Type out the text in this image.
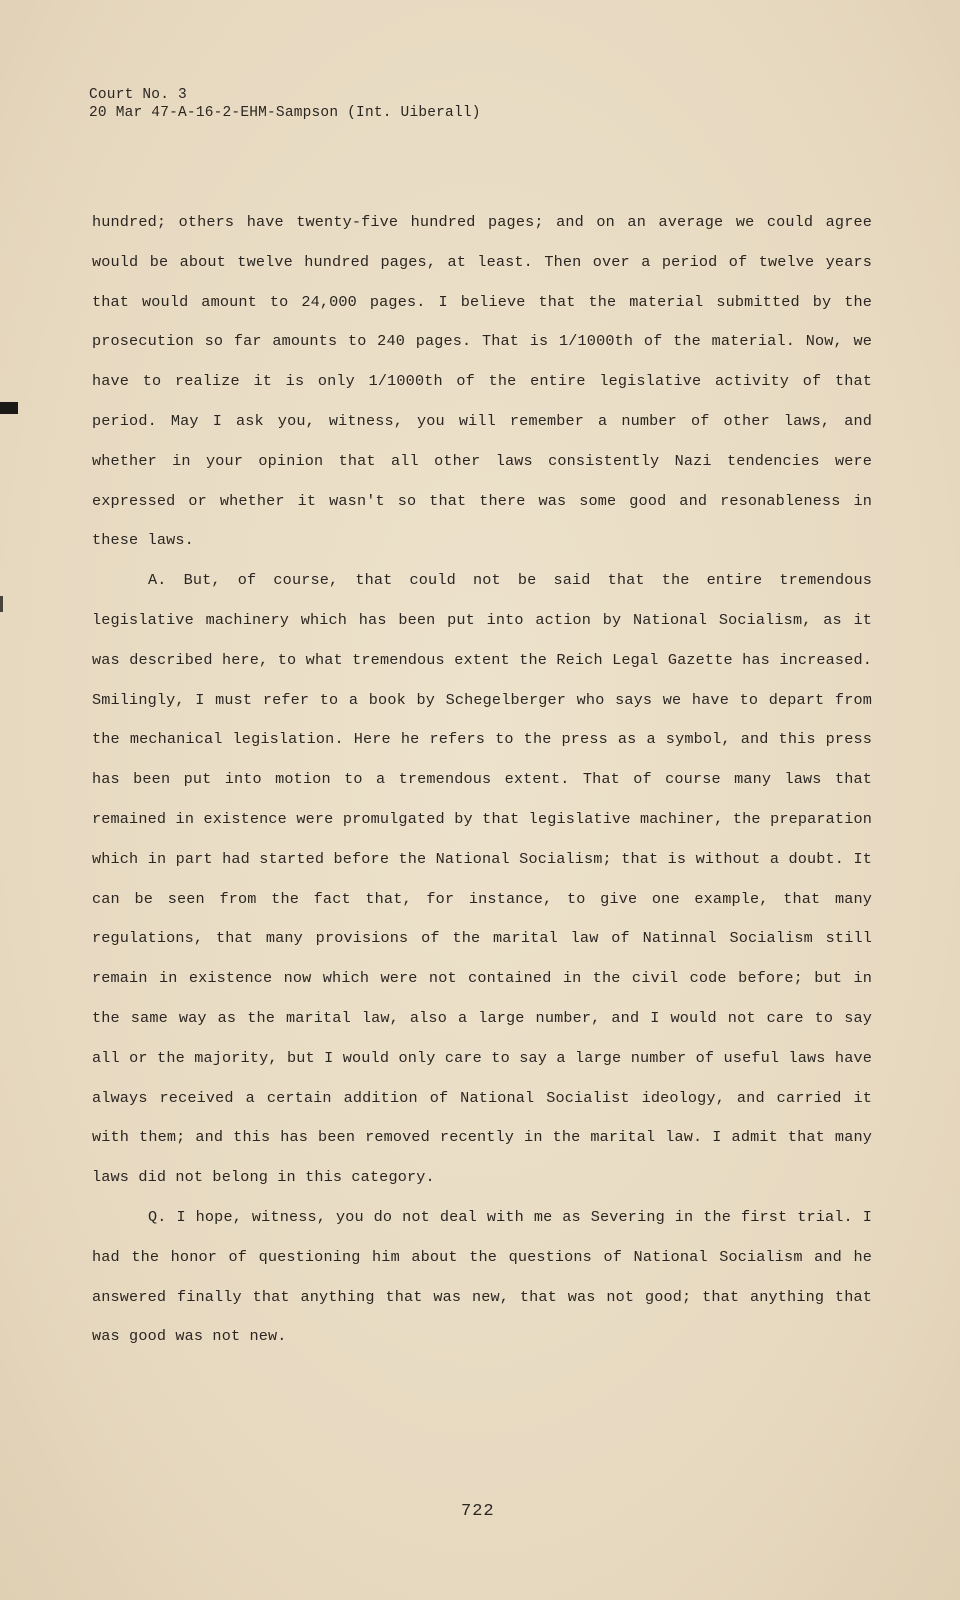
Court No. 3
20 Mar 47-A-16-2-EHM-Sampson (Int. Uiberall)

hundred; others have twenty-five hundred pages; and on an average we could agree would be about twelve hundred pages, at least. Then over a period of twelve years that would amount to 24,000 pages. I believe that the material submitted by the prosecution so far amounts to 240 pages. That is 1/1000th of the material. Now, we have to realize it is only 1/1000th of the entire legislative activity of that period. May I ask you, witness, you will remember a number of other laws, and whether in your opinion that all other laws consistently Nazi tendencies were expressed or whether it wasn't so that there was some good and resonableness in these laws.

A. But, of course, that could not be said that the entire tremendous legislative machinery which has been put into action by National Socialism, as it was described here, to what tremendous extent the Reich Legal Gazette has increased. Smilingly, I must refer to a book by Schegelberger who says we have to depart from the mechanical legislation. Here he refers to the press as a symbol, and this press has been put into motion to a tremendous extent. That of course many laws that remained in existence were promulgated by that legislative machiner, the preparation which in part had started before the National Socialism; that is without a doubt. It can be seen from the fact that, for instance, to give one example, that many regulations, that many provisions of the marital law of Natinnal Socialism still remain in existence now which were not contained in the civil code before; but in the same way as the marital law, also a large number, and I would not care to say all or the majority, but I would only care to say a large number of useful laws have always received a certain addition of National Socialist ideology, and carried it with them; and this has been removed recently in the marital law. I admit that many laws did not belong in this category.

Q. I hope, witness, you do not deal with me as Severing in the first trial. I had the honor of questioning him about the questions of National Socialism and he answered finally that anything that was new, that was not good; that anything that was good was not new.

722
